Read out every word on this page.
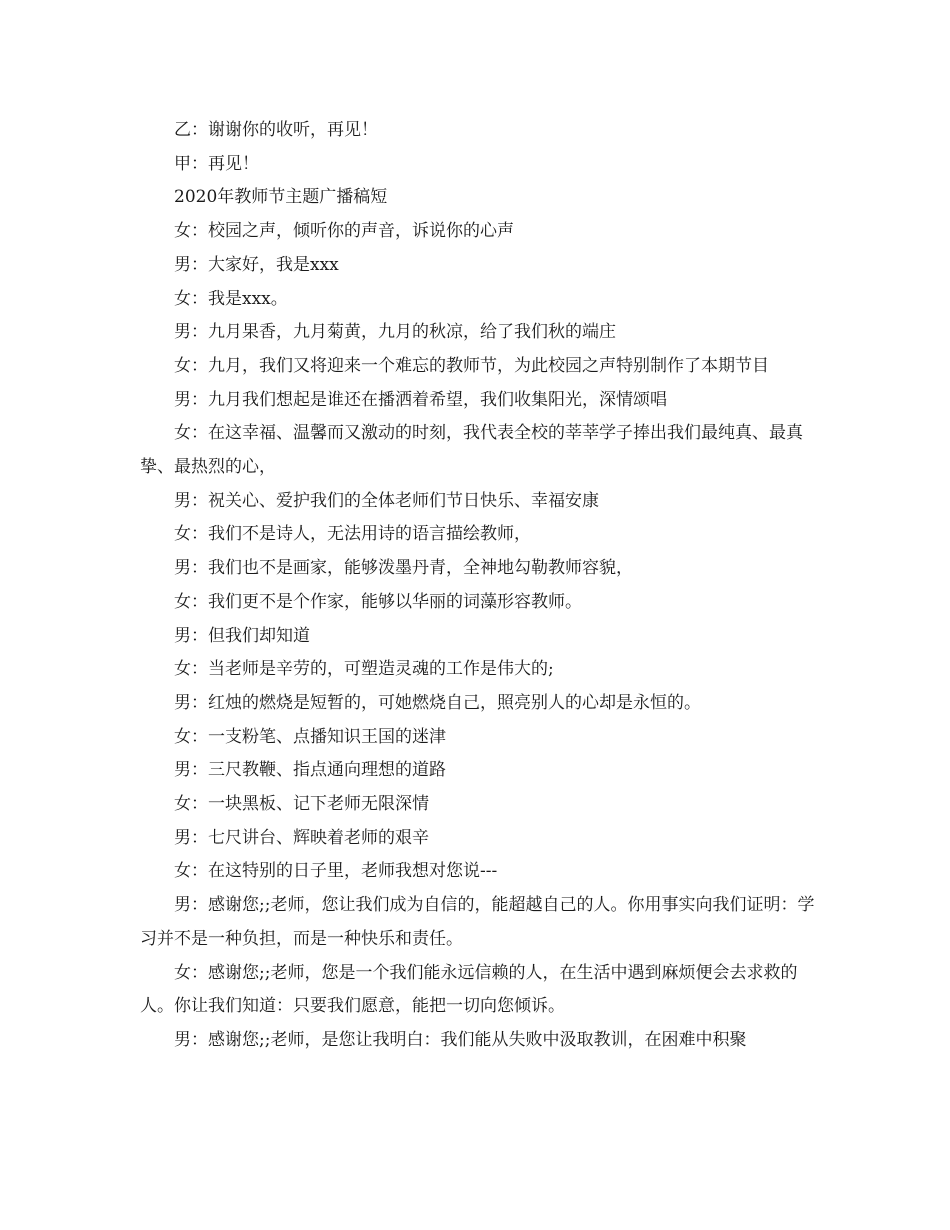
乙：谢谢你的收听，再见！

甲：再见！

2020年教师节主题广播稿短

女：校园之声，倾听你的声音，诉说你的心声

男：大家好，我是xxx

女：我是xxx。

男：九月果香，九月菊黄，九月的秋凉，给了我们秋的端庄

女：九月，我们又将迎来一个难忘的教师节，为此校园之声特别制作了本期节目

男：九月我们想起是谁还在播洒着希望，我们收集阳光，深情颂唱

女：在这幸福、温馨而又激动的时刻，我代表全校的莘莘学子捧出我们最纯真、最真挚、最热烈的心，

男：祝关心、爱护我们的全体老师们节日快乐、幸福安康

女：我们不是诗人，无法用诗的语言描绘教师，

男：我们也不是画家，能够泼墨丹青，全神地勾勒教师容貌，

女：我们更不是个作家，能够以华丽的词藻形容教师。

男：但我们却知道

女：当老师是辛劳的，可塑造灵魂的工作是伟大的;

男：红烛的燃烧是短暂的，可她燃烧自己，照亮别人的心却是永恒的。

女：一支粉笔、点播知识王国的迷津

男：三尺教鞭、指点通向理想的道路

女：一块黑板、记下老师无限深情

男：七尺讲台、辉映着老师的艰辛

女：在这特别的日子里，老师我想对您说---

男：感谢您;;老师，您让我们成为自信的，能超越自己的人。你用事实向我们证明：学习并不是一种负担，而是一种快乐和责任。

女：感谢您;;老师，您是一个我们能永远信赖的人，在生活中遇到麻烦便会去求救的人。你让我们知道：只要我们愿意，能把一切向您倾诉。

男：感谢您;;老师，是您让我明白：我们能从失败中汲取教训，在困难中积聚
